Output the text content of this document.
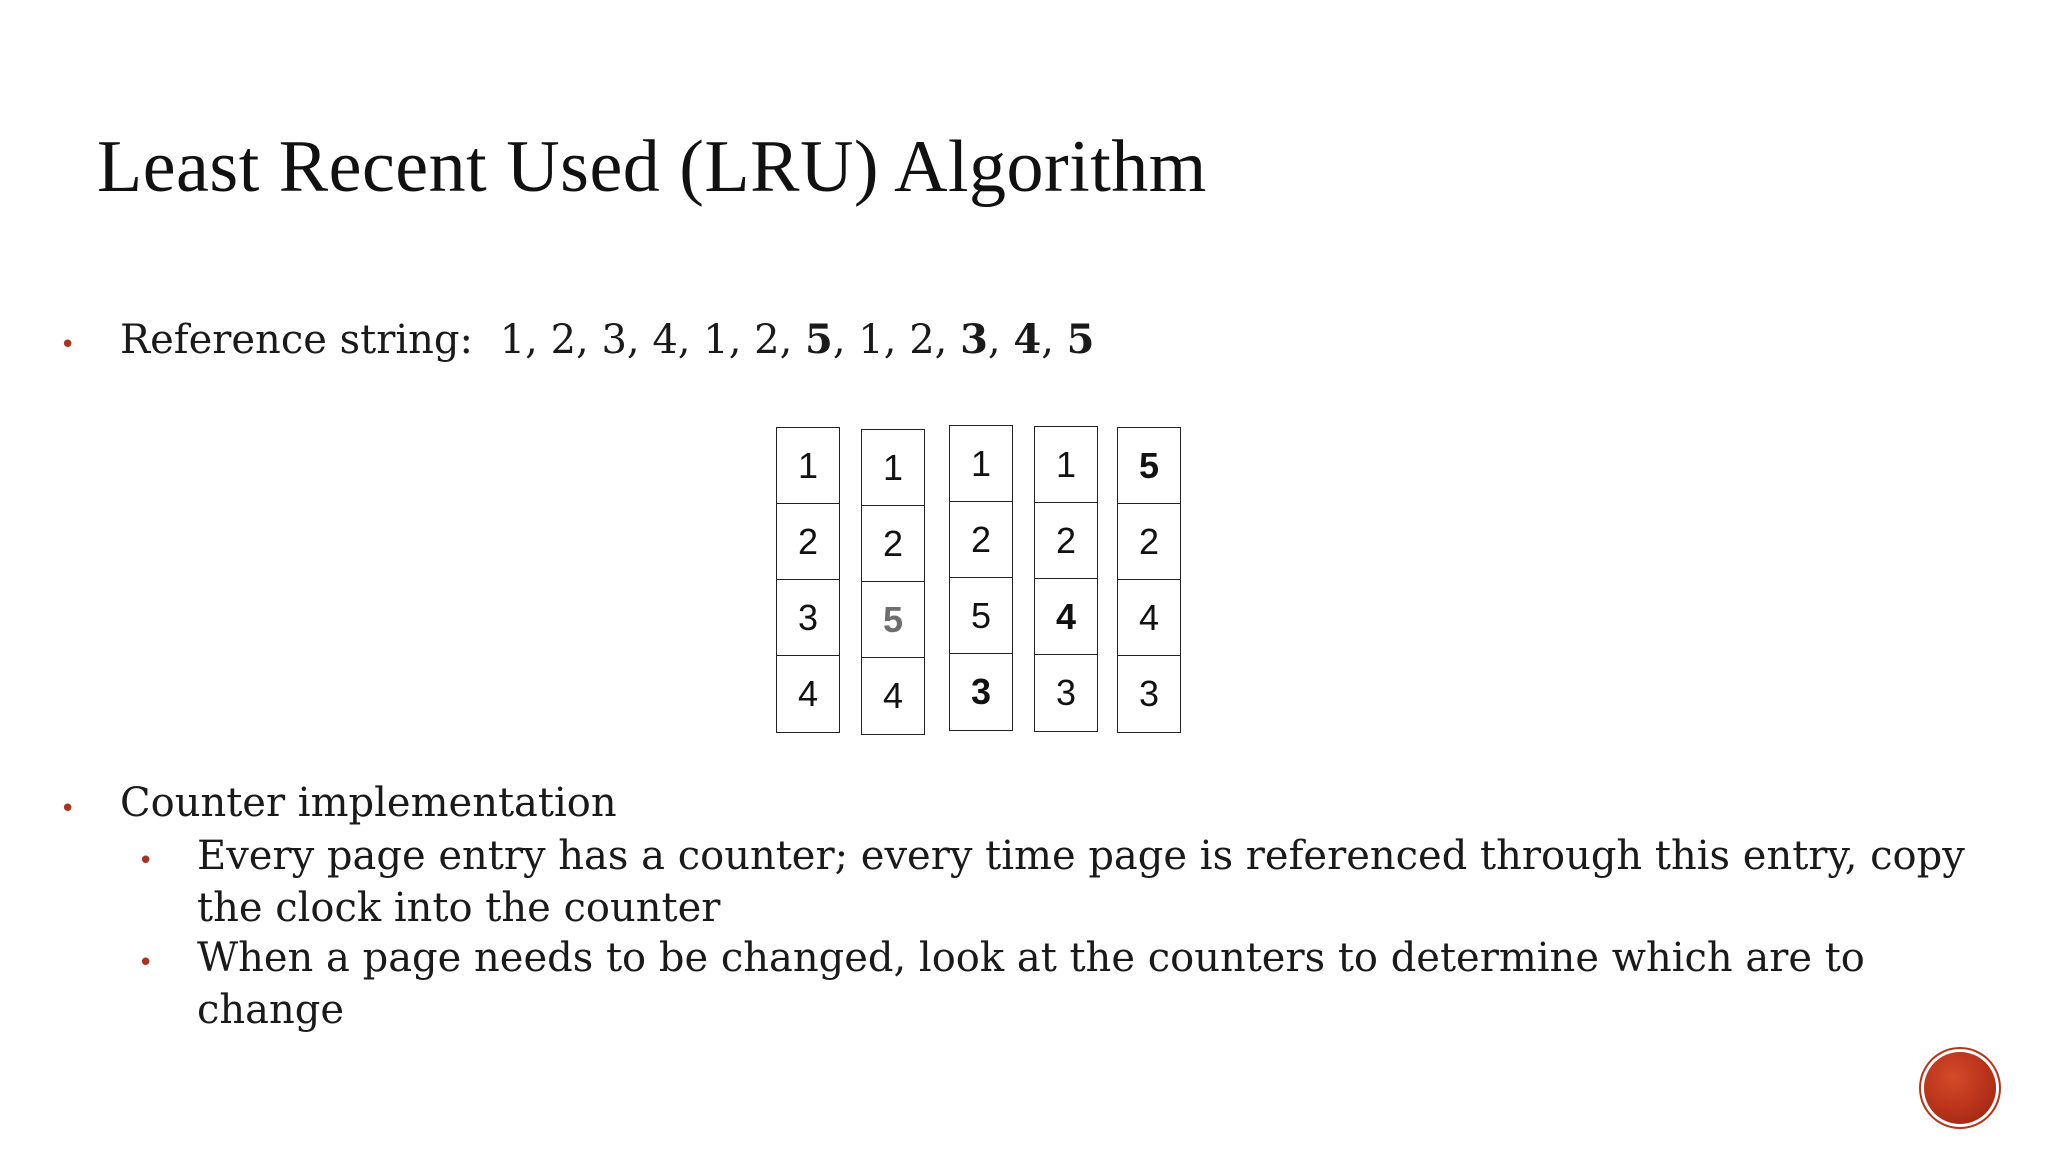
Least Recent Used (LRU) Algorithm
• Reference string: 1, 2, 3, 4, 1, 2, 5, 1, 2, 3, 4, 5
1
2
3
4
1
2
5
4
1
2
5
3
1
2
4
3
5
2
4
3
• Counter implementation
• Every page entry has a counter; every time page is referenced through this entry, copy
the clock into the counter
• When a page needs to be changed, look at the counters to determine which are to
change
